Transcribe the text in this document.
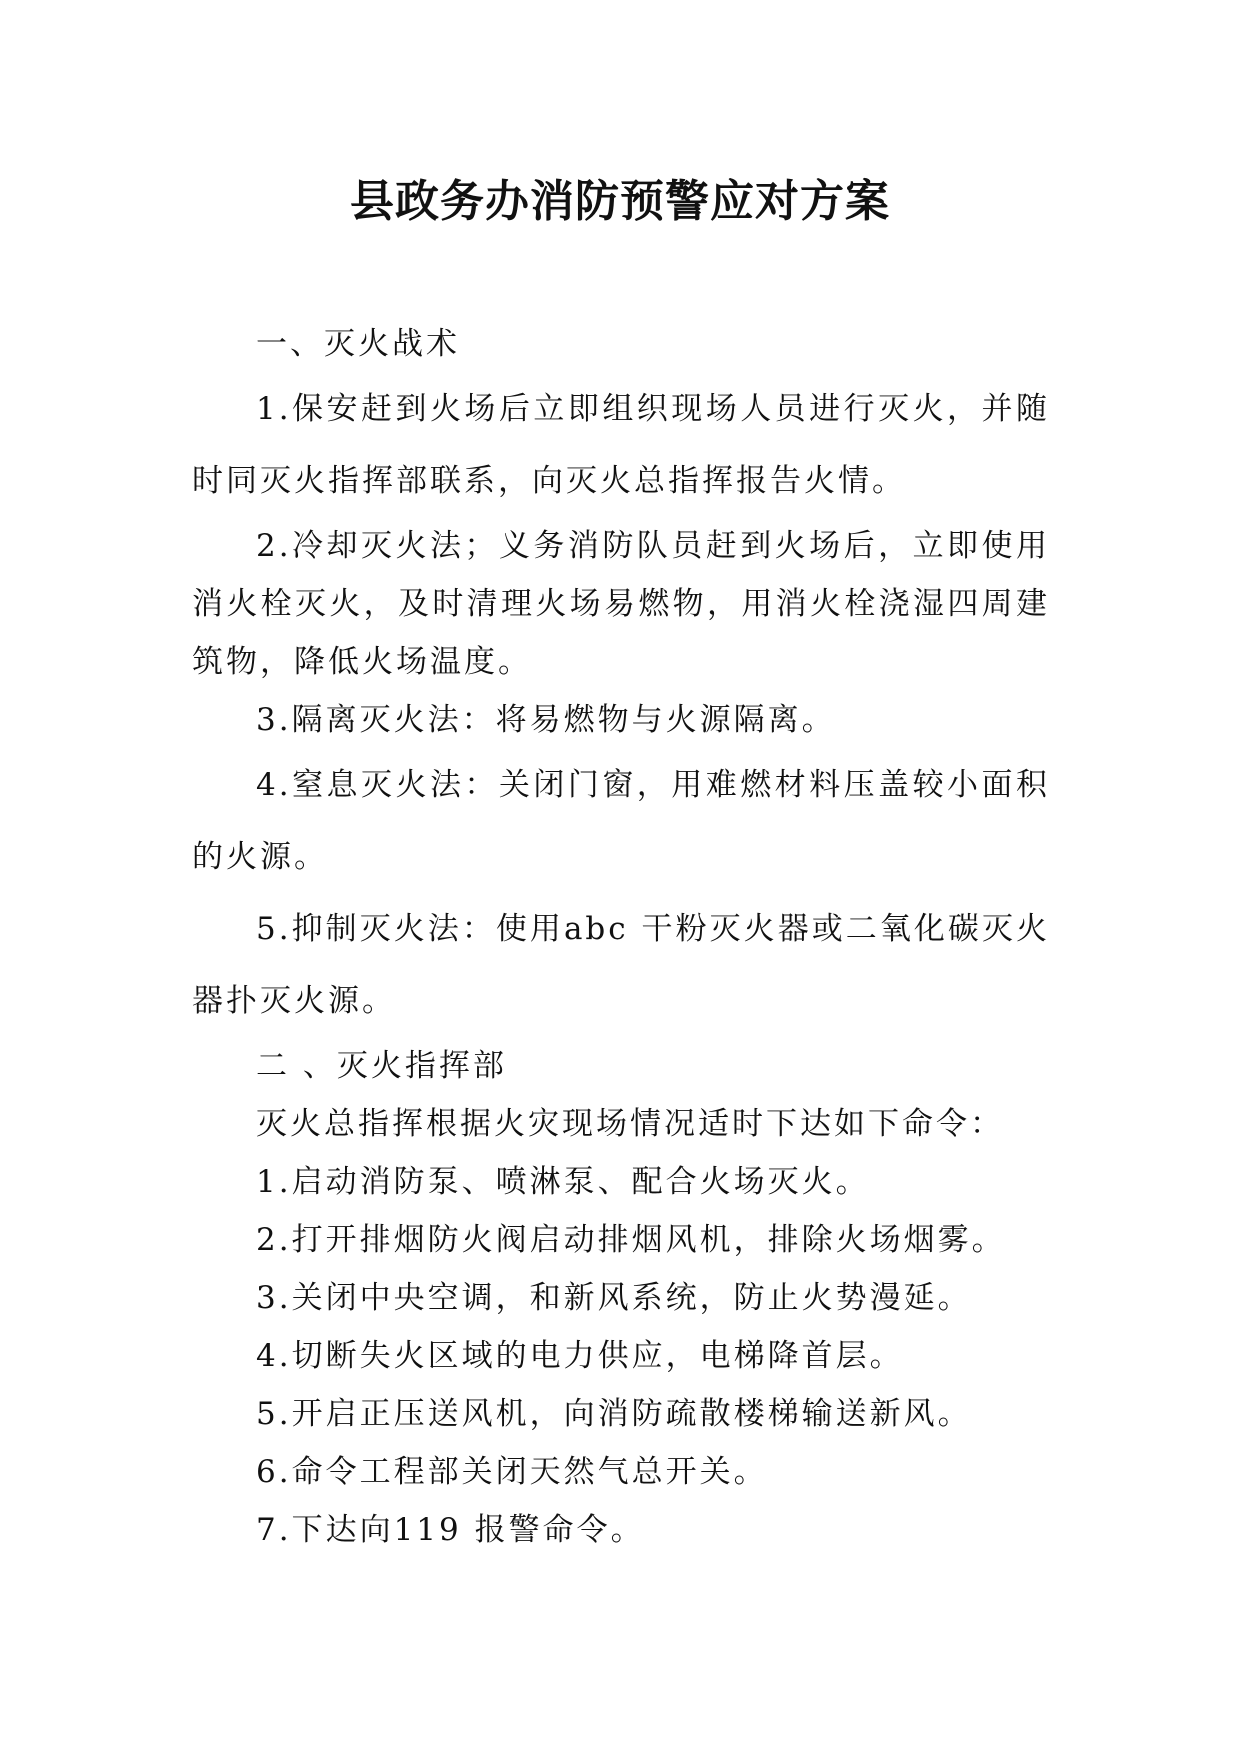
县政务办消防预警应对方案

一、灭火战术

1.保安赶到火场后立即组织现场人员进行灭火，并随时同灭火指挥部联系，向灭火总指挥报告火情。

2.冷却灭火法；义务消防队员赶到火场后，立即使用消火栓灭火，及时清理火场易燃物，用消火栓浇湿四周建筑物，降低火场温度。

3.隔离灭火法：将易燃物与火源隔离。

4.窒息灭火法：关闭门窗，用难燃材料压盖较小面积的火源。

5.抑制灭火法：使用abc 干粉灭火器或二氧化碳灭火器扑灭火源。

二 、灭火指挥部

灭火总指挥根据火灾现场情况适时下达如下命令：

1.启动消防泵、喷淋泵、配合火场灭火。

2.打开排烟防火阀启动排烟风机，排除火场烟雾。

3.关闭中央空调，和新风系统，防止火势漫延。

4.切断失火区域的电力供应，电梯降首层。

5.开启正压送风机，向消防疏散楼梯输送新风。

6.命令工程部关闭天然气总开关。

7.下达向119 报警命令。
